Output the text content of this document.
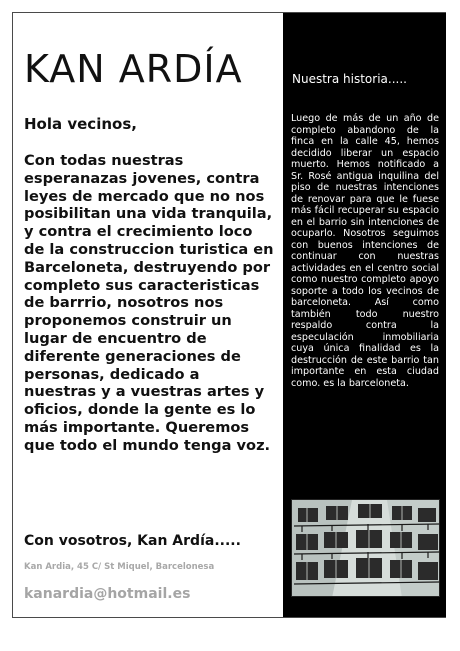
KAN ARDÍA

Hola vecinos,

Con todas nuestras esperanazas jovenes, contra leyes de mercado que no nos posibilitan una vida tranquila, y contra el crecimiento loco de la construccion turistica en Barceloneta, destruyendo por completo sus caracteristicas de barrrio, nosotros nos proponemos construir un lugar de encuentro de diferente generaciones de personas, dedicado a nuestras y a vuestras artes y oficios, donde la gente es lo más importante. Queremos que todo el mundo tenga voz.

Con vosotros, Kan Ardía.....

Kan Ardia, 45 C/ St Miquel, Barcelonesa

kanardia@hotmail.es

Nuestra historia.....

Luego de más de un año de completo abandono de la finca en la calle 45, hemos decidido liberar un espacio muerto. Hemos notificado a Sr. Rosé antigua inquilina del piso de nuestras intenciones de renovar para que le fuese más fácil recuperar su espacio en el barrio sin intenciones de ocuparlo. Nosotros seguimos con buenos intenciones de continuar con nuestras actividades en el centro social como nuestro completo apoyo soporte a todo los vecinos de barceloneta. Así como también todo nuestro respaldo contra la especulación inmobiliaria cuya única finalidad es la destrucción de este barrio tan importante en esta ciudad como. es la barceloneta.
